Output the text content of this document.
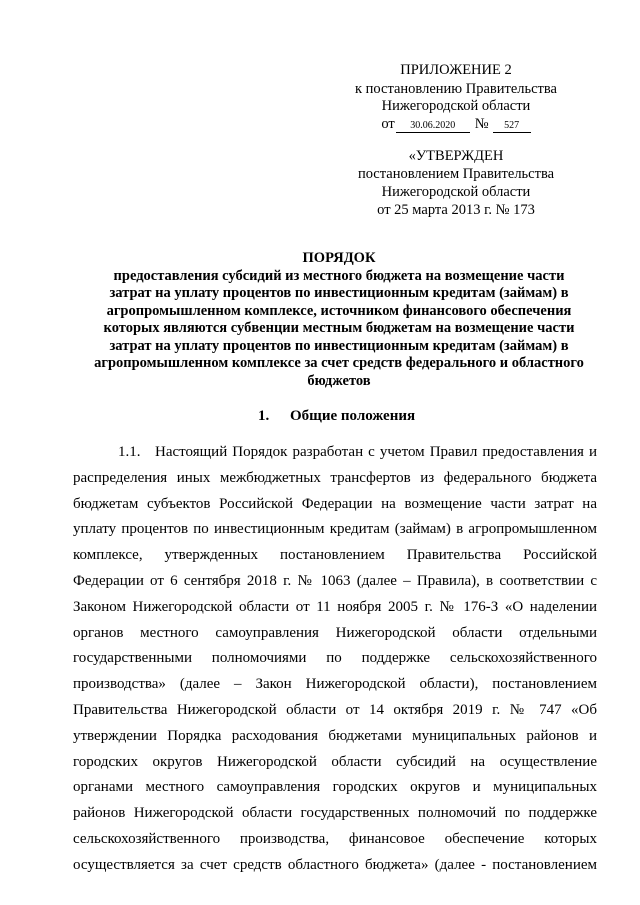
ПРИЛОЖЕНИЕ 2
к постановлению Правительства
Нижегородской области
от 30.06.2020 № 527
«УТВЕРЖДЕН
постановлением Правительства
Нижегородской области
от 25 марта 2013 г. № 173
ПОРЯДОК
предоставления субсидий из местного бюджета на возмещение части
затрат на уплату процентов по инвестиционным кредитам (займам) в
агропромышленном комплексе, источником финансового обеспечения
которых являются субвенции местным бюджетам на возмещение части
затрат на уплату процентов по инвестиционным кредитам (займам) в
агропромышленном комплексе за счет средств федерального и областного
бюджетов
1. Общие положения
1.1. Настоящий Порядок разработан с учетом Правил предоставления и
распределения иных межбюджетных трансфертов из федерального бюджета
бюджетам субъектов Российской Федерации на возмещение части затрат на
уплату процентов по инвестиционным кредитам (займам) в агропромышленном
комплексе, утвержденных постановлением Правительства Российской
Федерации от 6 сентября 2018 г. № 1063 (далее – Правила), в соответствии с
Законом Нижегородской области от 11 ноября 2005 г. № 176-З «О наделении
органов местного самоуправления Нижегородской области отдельными
государственными полномочиями по поддержке сельскохозяйственного
производства» (далее – Закон Нижегородской области), постановлением
Правительства Нижегородской области от 14 октября 2019 г. № 747 «Об
утверждении Порядка расходования бюджетами муниципальных районов и
городских округов Нижегородской области субсидий на осуществление
органами местного самоуправления городских округов и муниципальных
районов Нижегородской области государственных полномочий по поддержке
сельскохозяйственного производства, финансовое обеспечение которых
осуществляется за счет средств областного бюджета» (далее - постановлением
